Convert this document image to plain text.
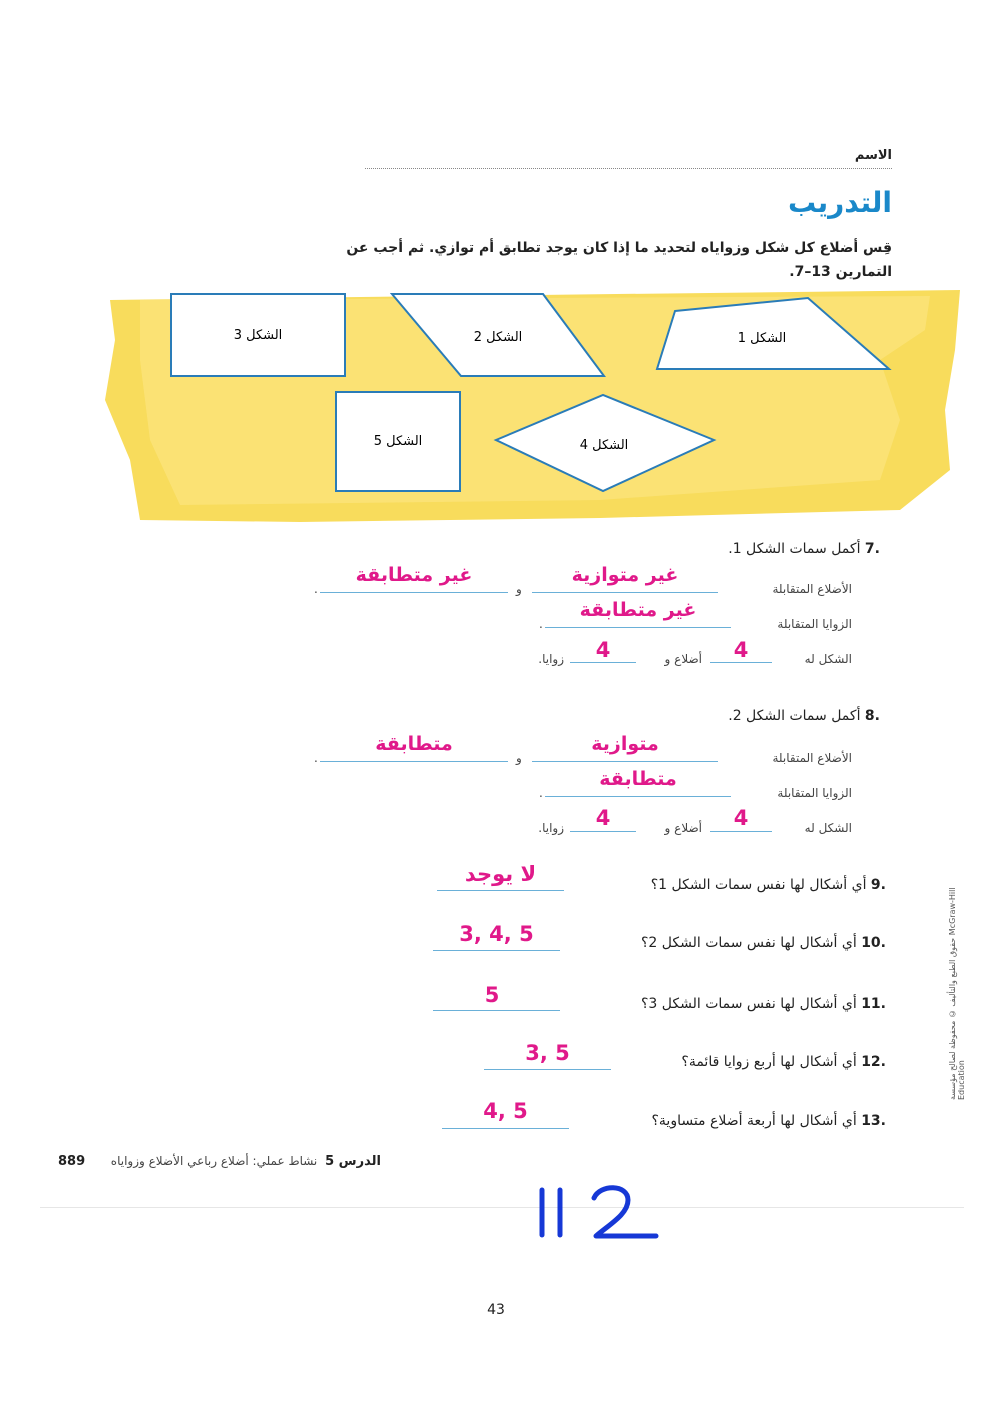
الاسم
التدريب
قِس أضلاع كل شكل وزواياه لتحديد ما إذا كان يوجد تطابق أم توازي. ثم أجب عن التمارين 13–7.
الشكل 3	الشكل 2	الشكل 1
الشكل 5	الشكل 4
.7 أكمل سمات الشكل 1.
الأضلاع المتقابلة
غير متوازية
و
غير متطابقة
.
الزوايا المتقابلة
غير متطابقة
.
الشكل له
4
أضلاع و
4
زوايا.
.8 أكمل سمات الشكل 2.
الأضلاع المتقابلة
متوازية
و
متطابقة
.
الزوايا المتقابلة
متطابقة
.
الشكل له
4
أضلاع و
4
زوايا.
.9 أي أشكال لها نفس سمات الشكل 1؟
لا يوجد
.10 أي أشكال لها نفس سمات الشكل 2؟
3, 4, 5
.11 أي أشكال لها نفس سمات الشكل 3؟
5
.12 أي أشكال لها أربع زوايا قائمة؟
3, 5
.13 أي أشكال لها أربعة أضلاع متساوية؟
4, 5
حقوق الطبع والتأليف © محفوظة لصالح مؤسسة McGraw-Hill Education
889 نشاط عملي: أضلاع رباعي الأضلاع وزواياه الدرس 5
112
43
